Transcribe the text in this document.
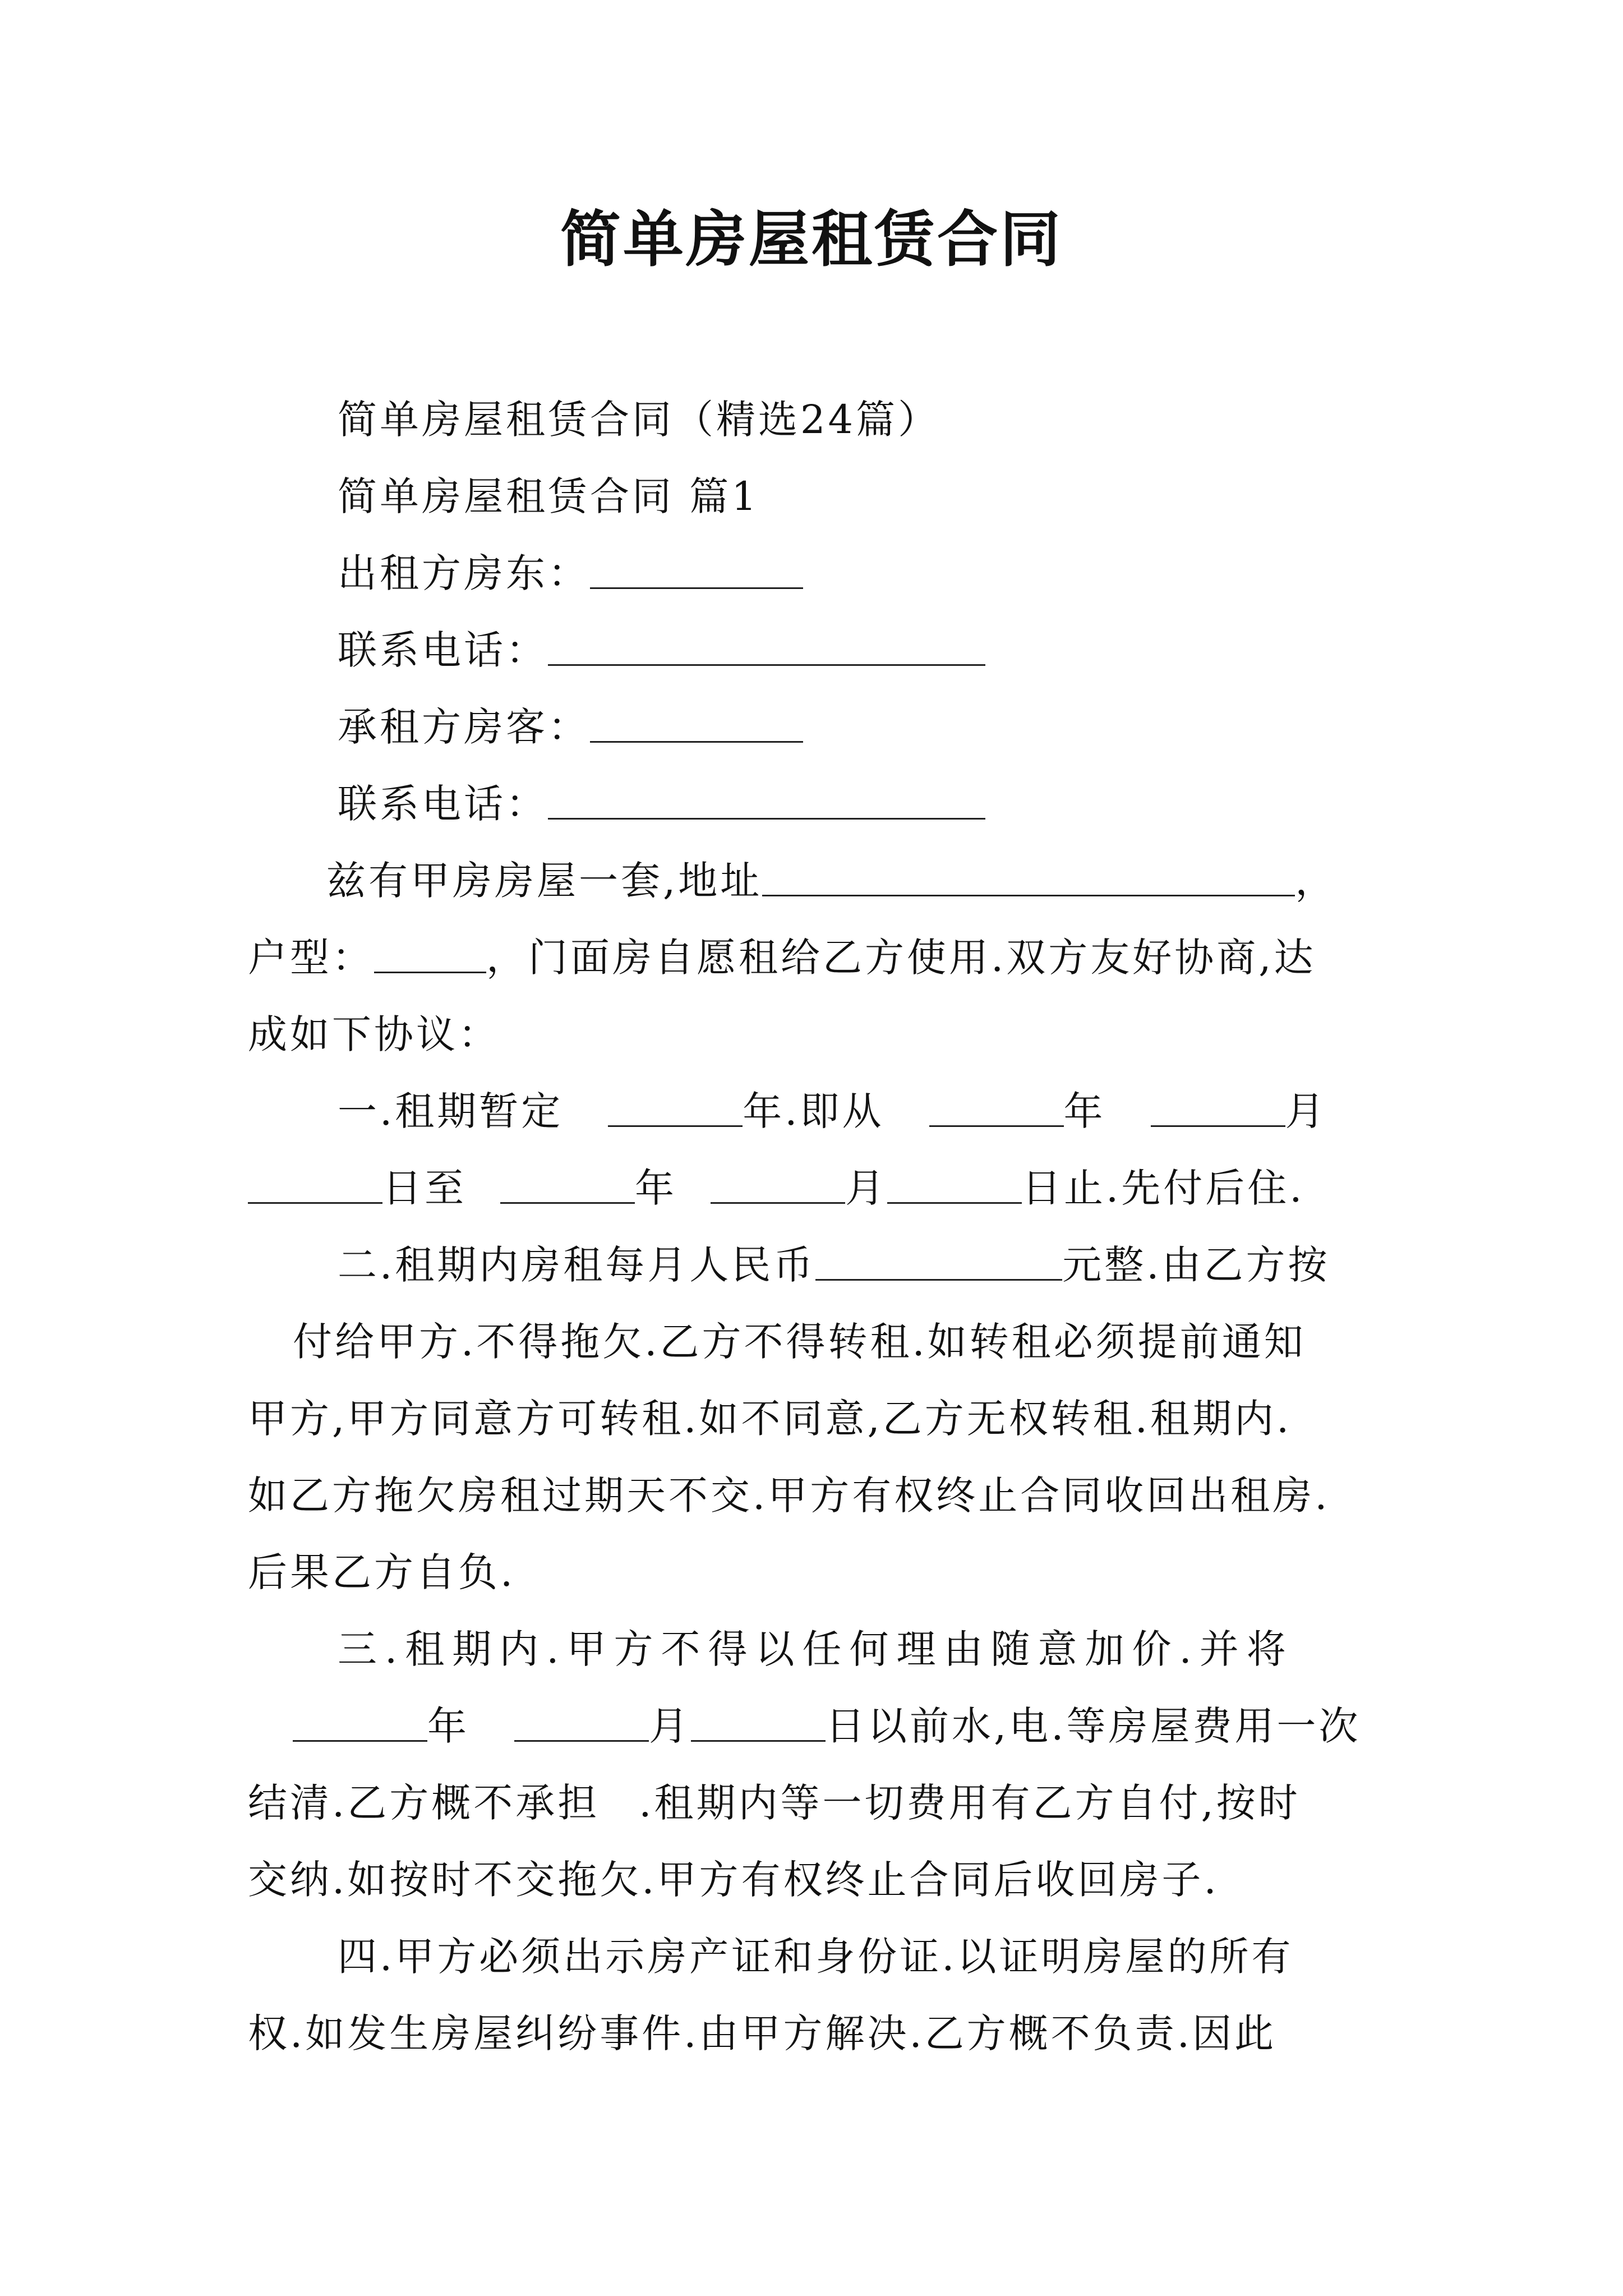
简单房屋租赁合同
简单房屋租赁合同（精选24篇）
简单房屋租赁合同 篇1
出租方房东：
联系电话：
承租方房客：
联系电话：
兹有甲房房屋一套,地址	，
户型：	，门面房自愿租给乙方使用.双方友好协商,达
成如下协议：
一.租期暂定	年.即从	年	月
日至	年	月	日止.先付后住.
二.租期内房租每月人民币	元整.由乙方按
付给甲方.不得拖欠.乙方不得转租.如转租必须提前通知
甲方,甲方同意方可转租.如不同意,乙方无权转租.租期内.
如乙方拖欠房租过期天不交.甲方有权终止合同收回出租房.
后果乙方自负.
三.租期内.甲方不得以任何理由随意加价.并将
年	月	日以前水,电.等房屋费用一次
结清.乙方概不承担 .租期内等一切费用有乙方自付,按时
交纳.如按时不交拖欠.甲方有权终止合同后收回房子.
四.甲方必须出示房产证和身份证.以证明房屋的所有
权.如发生房屋纠纷事件.由甲方解决.乙方概不负责.因此
